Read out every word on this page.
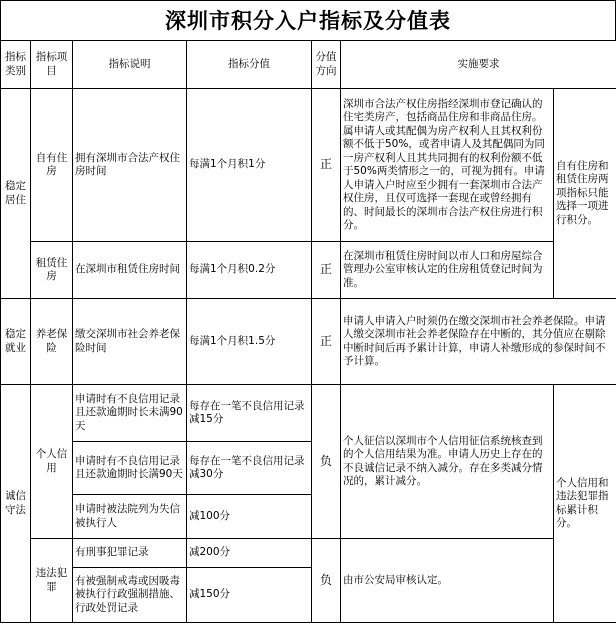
深圳市积分入户指标及分值表
指标类别	指标项目	指标说明	指标分值	分值方向	实施要求	
稳定居住	自有住房	拥有深圳市合法产权住房时间	每满1个月积1分	正	深圳市合法产权住房指经深圳市登记确认的住宅类房产，包括商品住房和非商品住房。属申请人或其配偶为房产权利人且其权利份额不低于50%，或者申请人及其配偶同为同一房产权利人且其共同拥有的权利份额不低于50%两类情形之一的，可视为拥有。申请人申请入户时应至少拥有一套深圳市合法产权住房，且仅可选择一套现在或曾经拥有的、时间最长的深圳市合法产权住房进行积分。	自有住房和租赁住房两项指标只能选择一项进行积分。
	租赁住房	在深圳市租赁住房时间	每满1个月积0.2分	正	在深圳市租赁住房时间以市人口和房屋综合管理办公室审核认定的住房租赁登记时间为准。	
稳定就业	养老保险	缴交深圳市社会养老保险时间	每满1个月积1.5分	正	申请人申请入户时须仍在缴交深圳市社会养老保险。申请人缴交深圳市社会养老保险存在中断的，其分值应在剔除中断时间后再予累计计算，申请人补缴形成的参保时间不予计算。	
诚信守法	个人信用	申请时有不良信用记录且还款逾期时长未满90天	每存在一笔不良信用记录减15分	负	个人征信以深圳市个人信用征信系统核查到的个人信用结果为准。申请人历史上存在的不良诚信记录不纳入减分。存在多类减分情况的，累计减分。	个人信用和违法犯罪指标累计积分。
		申请时有不良信用记录且还款逾期时长满90天	每存在一笔不良信用记录减30分			
		申请时被法院列为失信被执行人	减100分			
	违法犯罪	有刑事犯罪记录	减200分	负	由市公安局审核认定。	
		有被强制戒毒或因吸毒被执行行政强制措施、行政处罚记录	减150分			
